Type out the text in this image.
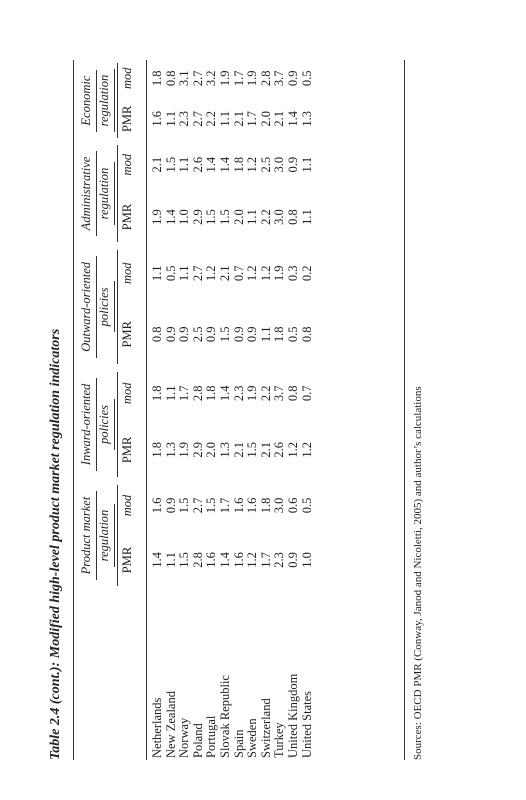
Table 2.4 (cont.): Modified high-level product market regulation indicators
	Product market regulation		Inward-oriented policies		Outward-oriented policies		Administrative regulation		Economic regulation	
	PMR	mod	PMR	mod	PMR	mod	PMR	mod	PMR	mod

Netherlands	1.4	1.6	1.8	1.8	0.8	1.1	1.9	2.1	1.6	1.8
New Zealand	1.1	0.9	1.3	1.1	0.9	0.5	1.4	1.5	1.1	0.8
Norway	1.5	1.5	1.9	1.7	0.9	1.1	1.0	1.1	2.3	3.1
Poland	2.8	2.7	2.9	2.8	2.5	2.7	2.9	2.6	2.7	2.7
Portugal	1.6	1.5	2.0	1.8	0.9	1.2	1.5	1.4	2.2	3.2
Slovak Republic	1.4	1.7	1.3	1.4	1.5	2.1	1.5	1.4	1.1	1.9
Spain	1.6	1.6	2.1	2.3	0.9	0.7	2.0	1.8	2.1	1.7
Sweden	1.2	1.6	1.5	1.9	0.9	1.2	1.1	1.2	1.7	1.9
Switzerland	1.7	1.8	2.1	2.2	1.1	1.2	2.2	2.5	2.0	2.8
Turkey	2.3	3.0	2.6	3.7	1.8	1.9	3.0	3.0	2.1	3.7
United Kingdom	0.9	0.6	1.2	0.8	0.5	0.3	0.8	0.9	1.4	0.9
United States	1.0	0.5	1.2	0.7	0.8	0.2	1.1	1.1	1.3	0.5
Sources: OECD PMR (Conway, Janod and Nicoletti, 2005) and author’s calculations
